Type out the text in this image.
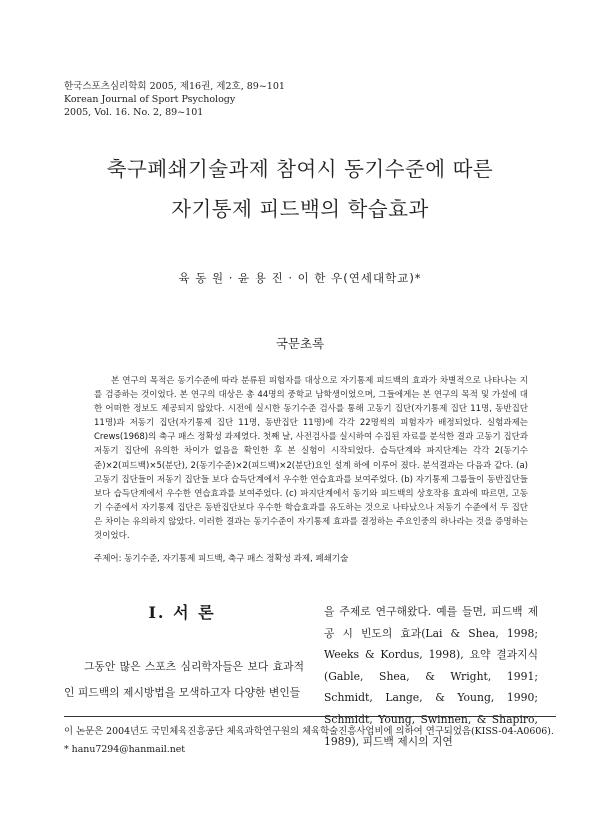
한국스포츠심리학회 2005, 제16권, 제2호, 89~101
Korean Journal of Sport Psychology
2005, Vol. 16. No. 2, 89~101
축구폐쇄기술과제 참여시 동기수준에 따른
자기통제 피드백의 학습효과
육 동 원 · 윤 용 진 · 이 한 우(연세대학교)*
국문초록

본 연구의 목적은 동기수준에 따라 분류된 피험자를 대상으로 자기통제 피드백의 효과가 차별적으로 나타나는 지를 검증하는 것이었다. 본 연구의 대상은 총 44명의 중학교 남학생이었으며, 그들에게는 본 연구의 목적 및 가설에 대한 어떠한 정보도 제공되지 않았다. 시전에 실시한 동기수준 검사를 통해 고동기 집단(자기통제 집단 11명, 동반집단 11명)과 저동기 집단(자기통제 집단 11명, 동반집단 11명)에 각각 22명씩의 피험자가 배정되었다. 실험과제는 Crews(1968)의 축구 패스 정확성 과제였다. 첫째 날, 사전검사를 실시하여 수집된 자료를 분석한 결과 고동기 집단과 저동기 집단에 유의한 차이가 없음을 확인한 후 본 실험이 시작되었다. 습득단계와 파지단계는 각각 2(동기수준)×2(피드백)×5(분단), 2(동기수준)×2(피드백)×2(분단)요인 설계 하에 이루어 졌다. 분석결과는 다음과 같다. (a) 고동기 집단들이 저동기 집단들 보다 습득단계에서 우수한 연습효과를 보여주었다. (b) 자기통제 그룹들이 동반집단들 보다 습득단계에서 우수한 연습효과를 보여주었다. (c) 파지단계에서 동기와 피드백의 상호작용 효과에 따르면, 고동기 수준에서 자기통제 집단은 동반집단보다 우수한 학습효과를 유도하는 것으로 나타났으나 저동기 수준에서 두 집단은 차이는 유의하지 않았다. 이러한 결과는 동기수준이 자기통제 효과를 결정하는 주요인중의 하나라는 것을 증명하는 것이었다.

주제어: 동기수준, 자기통제 피드백, 축구 패스 정확성 과제, 폐쇄기술
Ⅰ. 서 론

그동안 많은 스포츠 심리학자들은 보다 효과적인 피드백의 제시방법을 모색하고자 다양한 변인들

을 주제로 연구해왔다. 예를 들면, 피드백 제공 시 빈도의 효과(Lai & Shea, 1998; Weeks & Kordus, 1998), 요약 결과지식(Gable, Shea, & Wright, 1991; Schmidt, Lange, & Young, 1990; Schmidt, Young, Swinnen, & Shapiro, 1989), 피드백 제시의 지연

이 논문은 2004년도 국민체육진흥공단 체육과학연구원의 체육학술진흥사업비에 의하여 연구되었음(KISS-04-A0606).
* hanu7294@hanmail.net
